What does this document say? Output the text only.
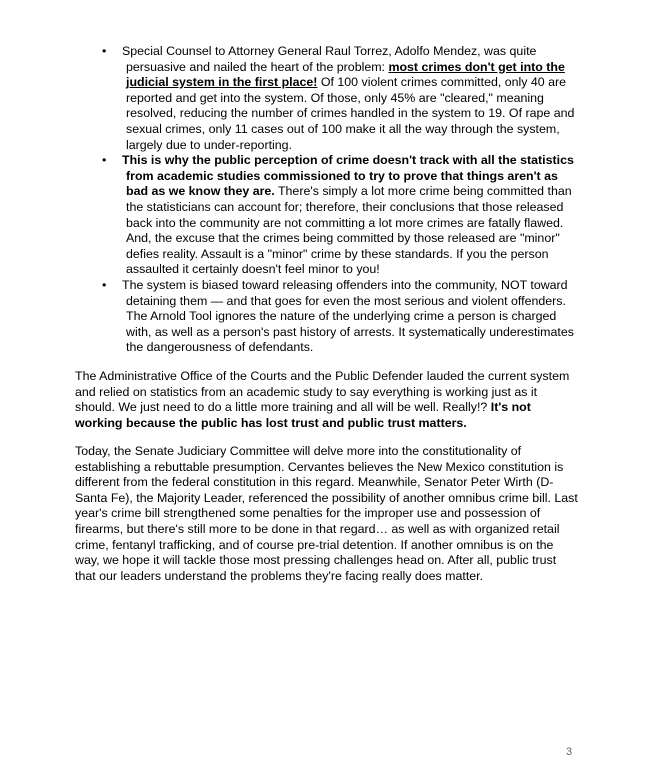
• Special Counsel to Attorney General Raul Torrez, Adolfo Mendez, was quite persuasive and nailed the heart of the problem: most crimes don't get into the judicial system in the first place! Of 100 violent crimes committed, only 40 are reported and get into the system. Of those, only 45% are "cleared," meaning resolved, reducing the number of crimes handled in the system to 19. Of rape and sexual crimes, only 11 cases out of 100 make it all the way through the system, largely due to under-reporting.
• This is why the public perception of crime doesn't track with all the statistics from academic studies commissioned to try to prove that things aren't as bad as we know they are. There's simply a lot more crime being committed than the statisticians can account for; therefore, their conclusions that those released back into the community are not committing a lot more crimes are fatally flawed. And, the excuse that the crimes being committed by those released are "minor" defies reality. Assault is a "minor" crime by these standards. If you the person assaulted it certainly doesn't feel minor to you!
• The system is biased toward releasing offenders into the community, NOT toward detaining them — and that goes for even the most serious and violent offenders. The Arnold Tool ignores the nature of the underlying crime a person is charged with, as well as a person's past history of arrests. It systematically underestimates the dangerousness of defendants.

The Administrative Office of the Courts and the Public Defender lauded the current system and relied on statistics from an academic study to say everything is working just as it should. We just need to do a little more training and all will be well. Really!? It's not working because the public has lost trust and public trust matters.

Today, the Senate Judiciary Committee will delve more into the constitutionality of establishing a rebuttable presumption. Cervantes believes the New Mexico constitution is different from the federal constitution in this regard. Meanwhile, Senator Peter Wirth (D-Santa Fe), the Majority Leader, referenced the possibility of another omnibus crime bill. Last year's crime bill strengthened some penalties for the improper use and possession of firearms, but there's still more to be done in that regard… as well as with organized retail crime, fentanyl trafficking, and of course pre-trial detention. If another omnibus is on the way, we hope it will tackle those most pressing challenges head on. After all, public trust that our leaders understand the problems they're facing really does matter.

3
